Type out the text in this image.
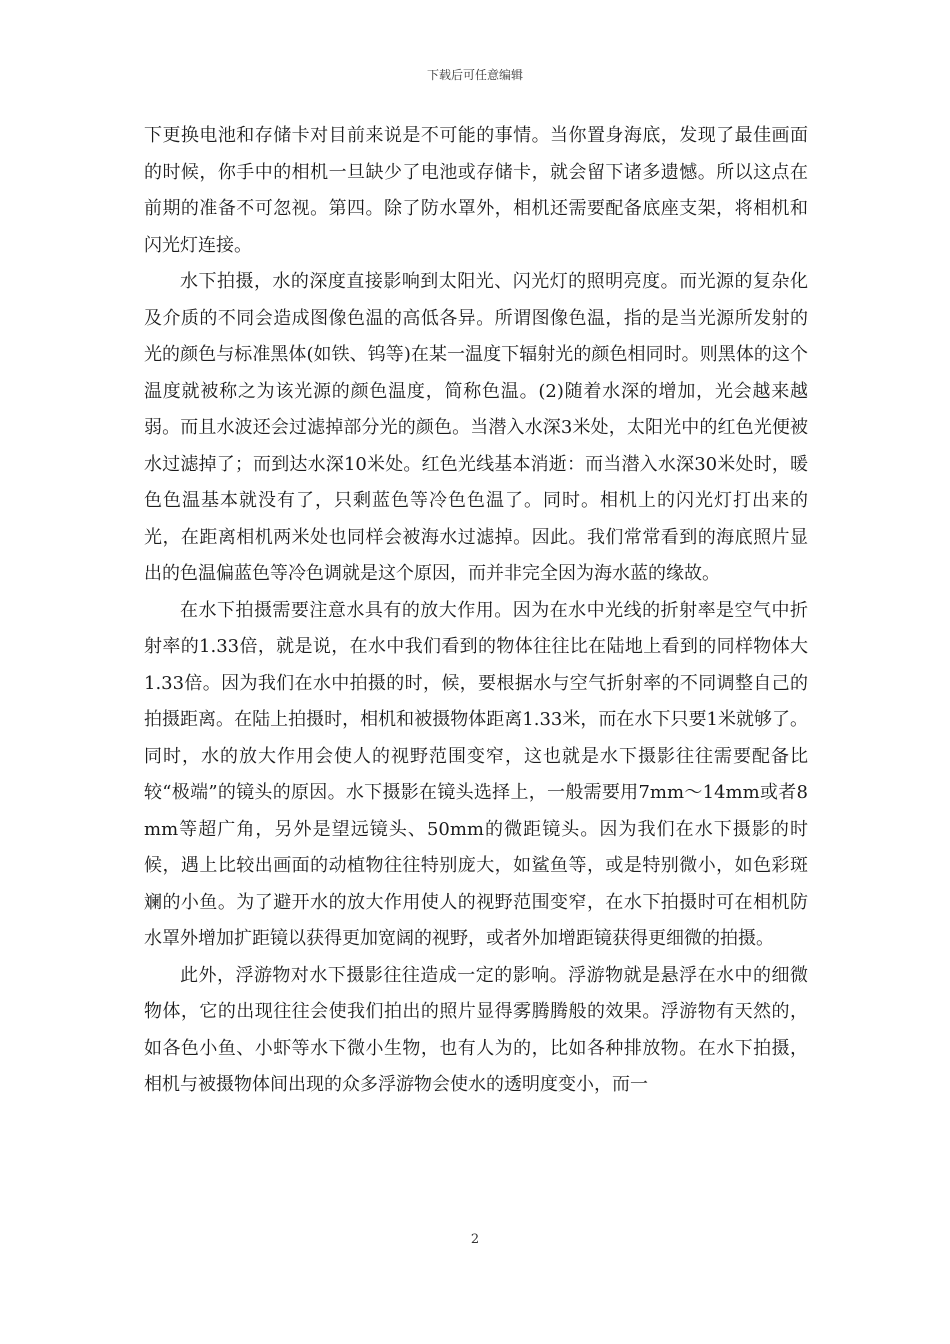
下载后可任意编辑

下更换电池和存储卡对目前来说是不可能的事情。当你置身海底，发现了最佳画面的时候，你手中的相机一旦缺少了电池或存储卡，就会留下诸多遗憾。所以这点在前期的准备不可忽视。第四。除了防水罩外，相机还需要配备底座支架，将相机和闪光灯连接。

水下拍摄，水的深度直接影响到太阳光、闪光灯的照明亮度。而光源的复杂化及介质的不同会造成图像色温的高低各异。所谓图像色温，指的是当光源所发射的光的颜色与标准黑体(如铁、钨等)在某一温度下辐射光的颜色相同时。则黑体的这个温度就被称之为该光源的颜色温度，简称色温。(2)随着水深的增加，光会越来越弱。而且水波还会过滤掉部分光的颜色。当潜入水深3米处，太阳光中的红色光便被水过滤掉了；而到达水深10米处。红色光线基本消逝：而当潜入水深30米处时，暖色色温基本就没有了，只剩蓝色等冷色色温了。同时。相机上的闪光灯打出来的光，在距离相机两米处也同样会被海水过滤掉。因此。我们常常看到的海底照片显出的色温偏蓝色等冷色调就是这个原因，而并非完全因为海水蓝的缘故。

在水下拍摄需要注意水具有的放大作用。因为在水中光线的折射率是空气中折射率的1.33倍，就是说，在水中我们看到的物体往往比在陆地上看到的同样物体大1.33倍。因为我们在水中拍摄的时，候，要根据水与空气折射率的不同调整自己的拍摄距离。在陆上拍摄时，相机和被摄物体距离1.33米，而在水下只要1米就够了。同时，水的放大作用会使人的视野范围变窄，这也就是水下摄影往往需要配备比较“极端”的镜头的原因。水下摄影在镜头选择上，一般需要用7mm～14mm或者8mm等超广角，另外是望远镜头、50mm的微距镜头。因为我们在水下摄影的时候，遇上比较出画面的动植物往往特别庞大，如鲨鱼等，或是特别微小，如色彩斑斓的小鱼。为了避开水的放大作用使人的视野范围变窄，在水下拍摄时可在相机防水罩外增加扩距镜以获得更加宽阔的视野，或者外加增距镜获得更细微的拍摄。

此外，浮游物对水下摄影往往造成一定的影响。浮游物就是悬浮在水中的细微物体，它的出现往往会使我们拍出的照片显得雾腾腾般的效果。浮游物有天然的，如各色小鱼、小虾等水下微小生物，也有人为的，比如各种排放物。在水下拍摄，相机与被摄物体间出现的众多浮游物会使水的透明度变小，而一

2
